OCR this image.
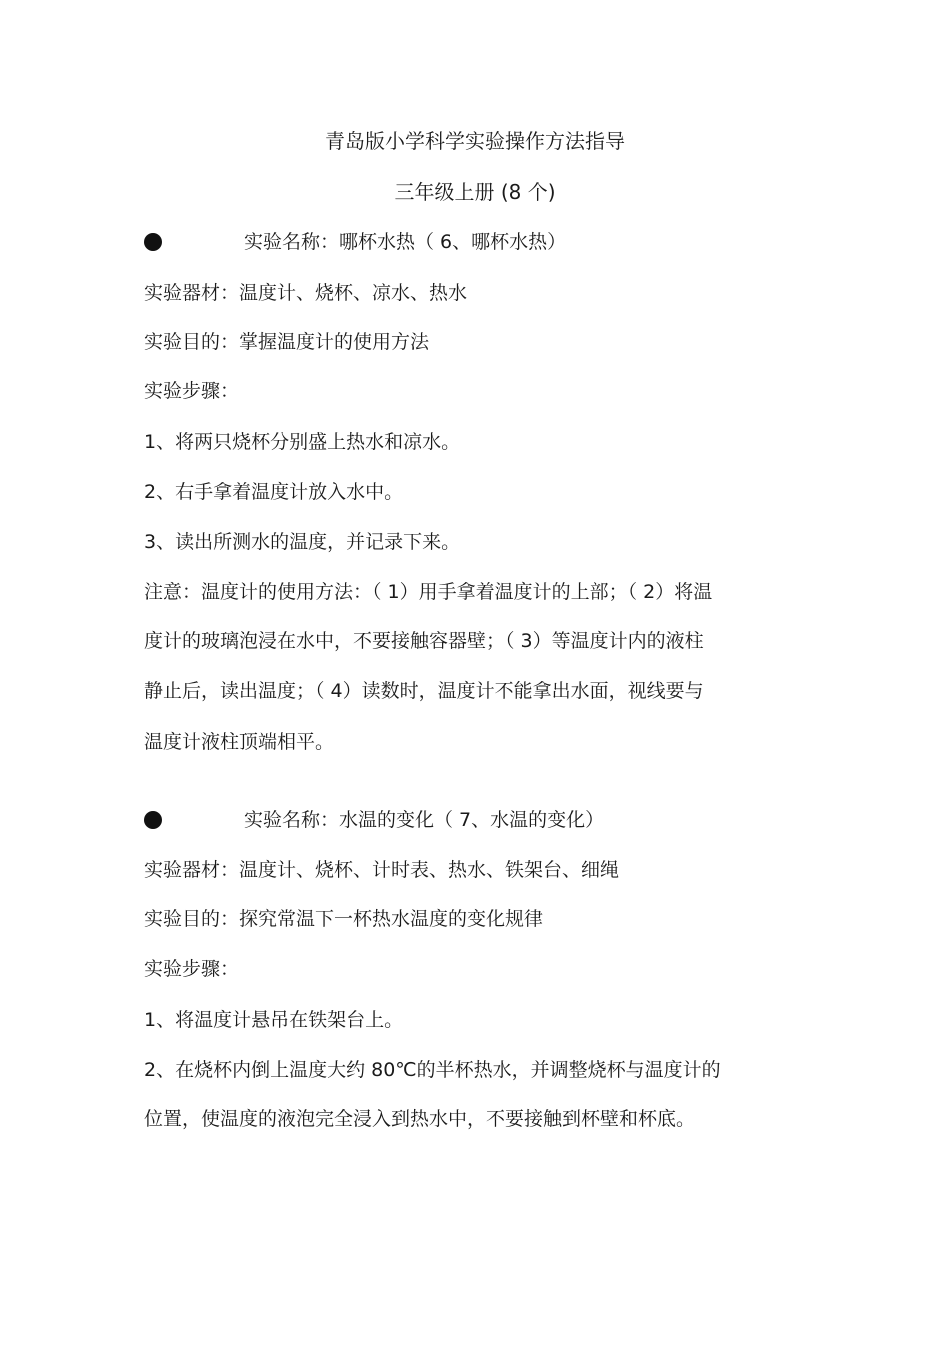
青岛版小学科学实验操作方法指导
三年级上册 (8 个)
实验名称：哪杯水热（ 6、哪杯水热）
实验器材：温度计、烧杯、凉水、热水
实验目的：掌握温度计的使用方法
实验步骤：
1、将两只烧杯分别盛上热水和凉水。
2、右手拿着温度计放入水中。
3、读出所测水的温度，并记录下来。
注意：温度计的使用方法：（ 1）用手拿着温度计的上部；（ 2）将温
度计的玻璃泡浸在水中，不要接触容器壁；（ 3）等温度计内的液柱
静止后，读出温度；（ 4）读数时，温度计不能拿出水面，视线要与
温度计液柱顶端相平。
实验名称：水温的变化（ 7、水温的变化）
实验器材：温度计、烧杯、计时表、热水、铁架台、细绳
实验目的：探究常温下一杯热水温度的变化规律
实验步骤：
1、将温度计悬吊在铁架台上。
2、在烧杯内倒上温度大约 80℃的半杯热水，并调整烧杯与温度计的
位置，使温度的液泡完全浸入到热水中，不要接触到杯壁和杯底。
